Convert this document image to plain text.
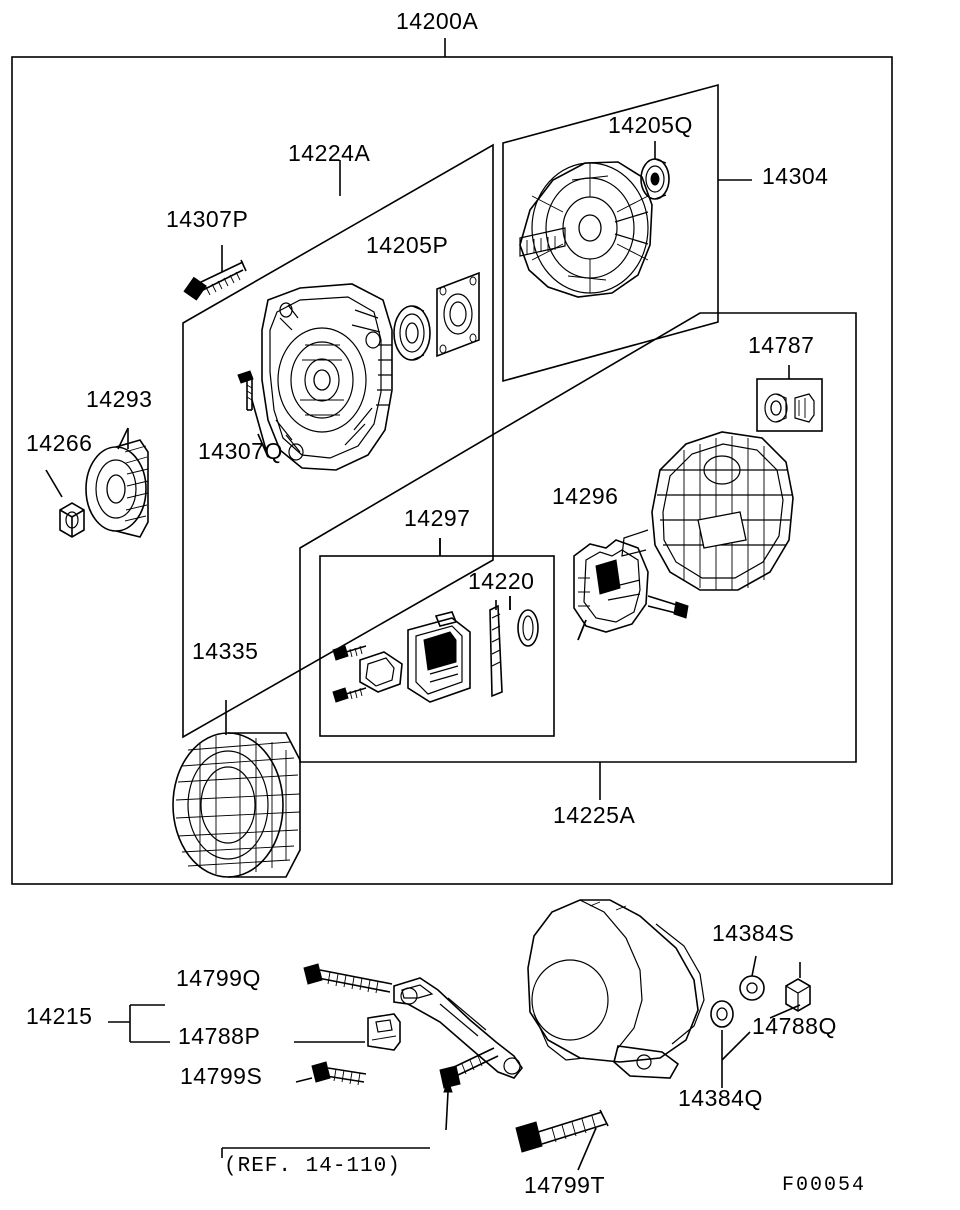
14200A
14205Q
14304
14224A
14307P
14205P
14787
14293
14266	14307Q
14296
14297
14220
14335
14225A
14384S
14799Q
14215
14788P	14788Q
14799S
14384Q
14799T
(REF. 14-110)
F00054
